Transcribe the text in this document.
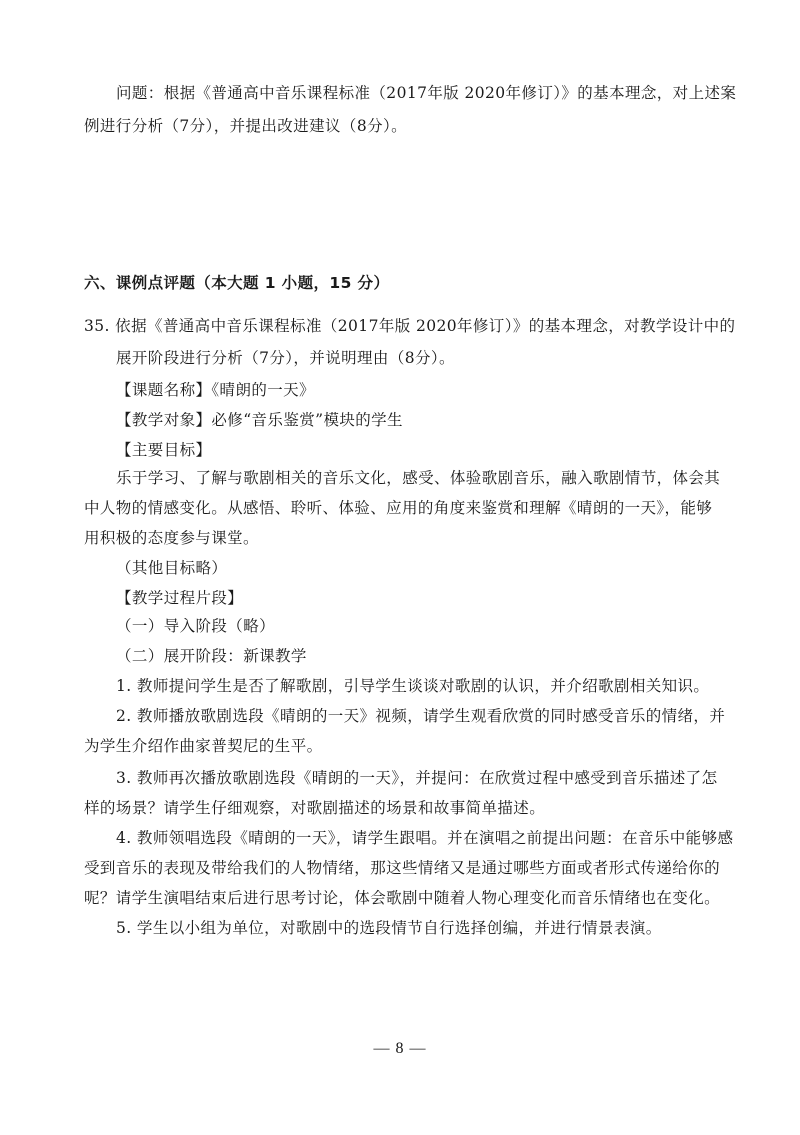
问题：根据《普通高中音乐课程标准（2017年版 2020年修订）》的基本理念，对上述案
例进行分析（7分），并提出改进建议（8分）。
六、课例点评题（本大题 1 小题，15 分）
35. 依据《普通高中音乐课程标准（2017年版 2020年修订）》的基本理念，对教学设计中的
展开阶段进行分析（7分），并说明理由（8分）。
【课题名称】《晴朗的一天》
【教学对象】必修“音乐鉴赏”模块的学生
【主要目标】
乐于学习、了解与歌剧相关的音乐文化，感受、体验歌剧音乐，融入歌剧情节，体会其
中人物的情感变化。从感悟、聆听、体验、应用的角度来鉴赏和理解《晴朗的一天》，能够
用积极的态度参与课堂。
（其他目标略）
【教学过程片段】
（一）导入阶段（略）
（二）展开阶段：新课教学
1. 教师提问学生是否了解歌剧，引导学生谈谈对歌剧的认识，并介绍歌剧相关知识。
2. 教师播放歌剧选段《晴朗的一天》视频，请学生观看欣赏的同时感受音乐的情绪，并
为学生介绍作曲家普契尼的生平。
3. 教师再次播放歌剧选段《晴朗的一天》，并提问：在欣赏过程中感受到音乐描述了怎
样的场景？请学生仔细观察，对歌剧描述的场景和故事简单描述。
4. 教师领唱选段《晴朗的一天》，请学生跟唱。并在演唱之前提出问题：在音乐中能够感
受到音乐的表现及带给我们的人物情绪，那这些情绪又是通过哪些方面或者形式传递给你的
呢？请学生演唱结束后进行思考讨论，体会歌剧中随着人物心理变化而音乐情绪也在变化。
5. 学生以小组为单位，对歌剧中的选段情节自行选择创编，并进行情景表演。
— 8 —
